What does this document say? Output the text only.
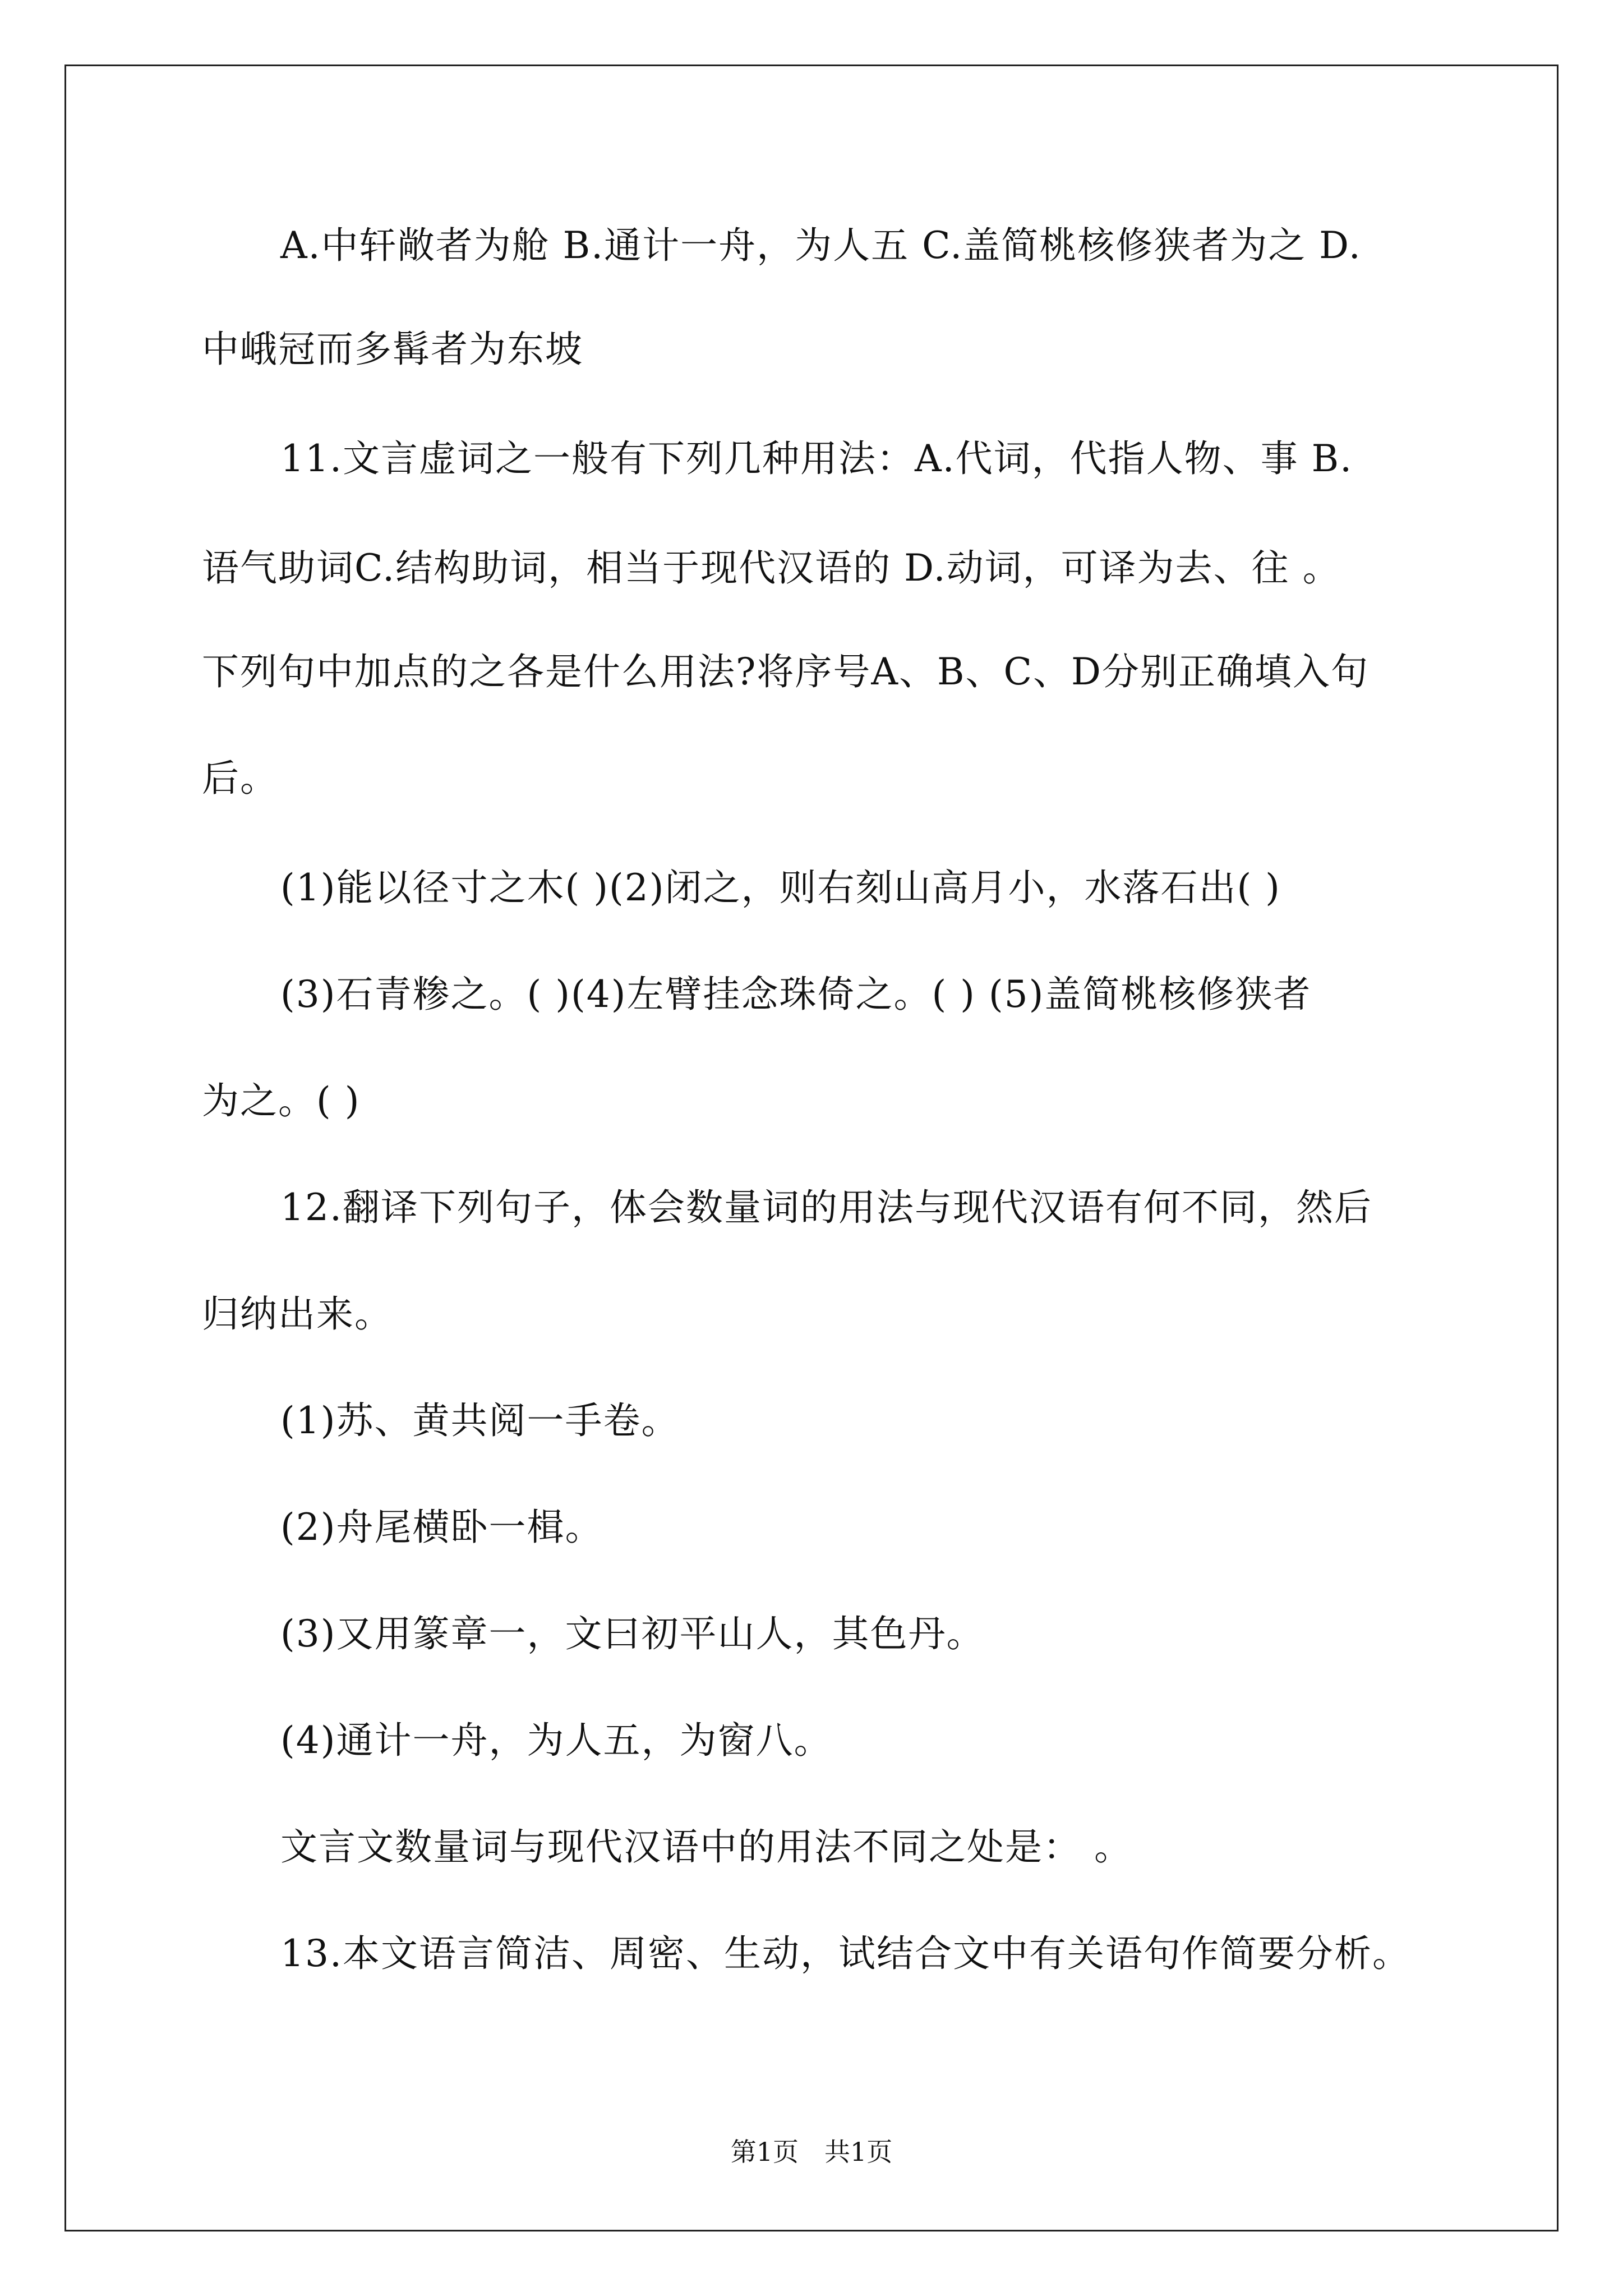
A.中轩敞者为舱 B.通计一舟，为人五 C.盖简桃核修狭者为之 D.
中峨冠而多髯者为东坡
11.文言虚词之一般有下列几种用法：A.代词，代指人物、事 B.
语气助词C.结构助词，相当于现代汉语的 D.动词，可译为去、往 。
下列句中加点的之各是什么用法?将序号A、B、C、D分别正确填入句
后。
(1)能以径寸之木( )(2)闭之，则右刻山高月小，水落石出( )
(3)石青糁之。( )(4)左臂挂念珠倚之。( ) (5)盖简桃核修狭者
为之。( )
12.翻译下列句子，体会数量词的用法与现代汉语有何不同，然后
归纳出来。
(1)苏、黄共阅一手卷。
(2)舟尾横卧一楫。
(3)又用篆章一，文曰初平山人，其色丹。
(4)通计一舟，为人五，为窗八。
文言文数量词与现代汉语中的用法不同之处是： 。
13.本文语言简洁、周密、生动，试结合文中有关语句作简要分析。
第1页　共1页
